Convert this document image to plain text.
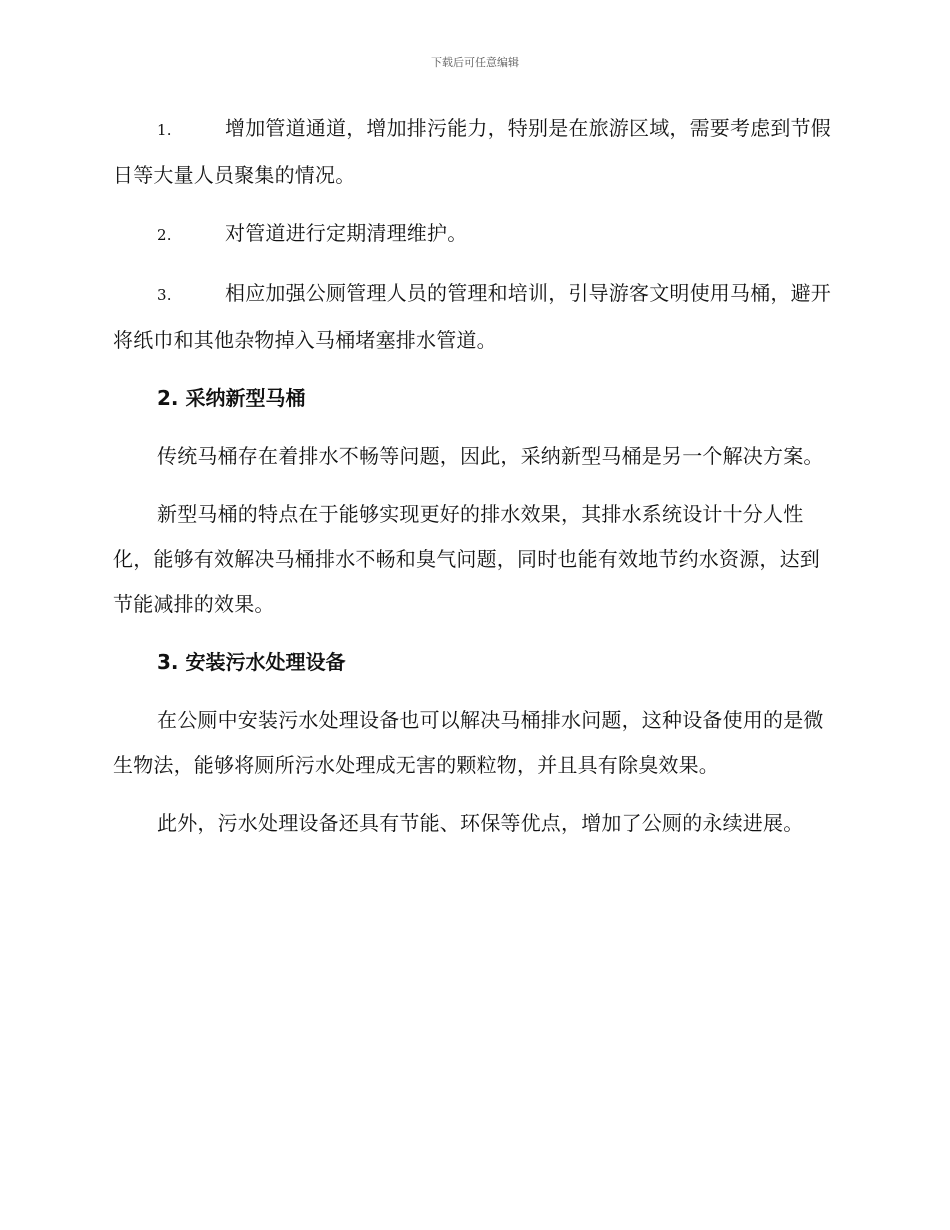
下载后可任意编辑

1.	增加管道通道，增加排污能力，特别是在旅游区域，需要考虑到节假日等大量人员聚集的情况。

2.	对管道进行定期清理维护。

3.	相应加强公厕管理人员的管理和培训，引导游客文明使用马桶，避开将纸巾和其他杂物掉入马桶堵塞排水管道。

2. 采纳新型马桶

传统马桶存在着排水不畅等问题，因此，采纳新型马桶是另一个解决方案。

新型马桶的特点在于能够实现更好的排水效果，其排水系统设计十分人性化，能够有效解决马桶排水不畅和臭气问题，同时也能有效地节约水资源，达到节能减排的效果。

3. 安装污水处理设备

在公厕中安装污水处理设备也可以解决马桶排水问题，这种设备使用的是微生物法，能够将厕所污水处理成无害的颗粒物，并且具有除臭效果。

此外，污水处理设备还具有节能、环保等优点，增加了公厕的永续进展。
